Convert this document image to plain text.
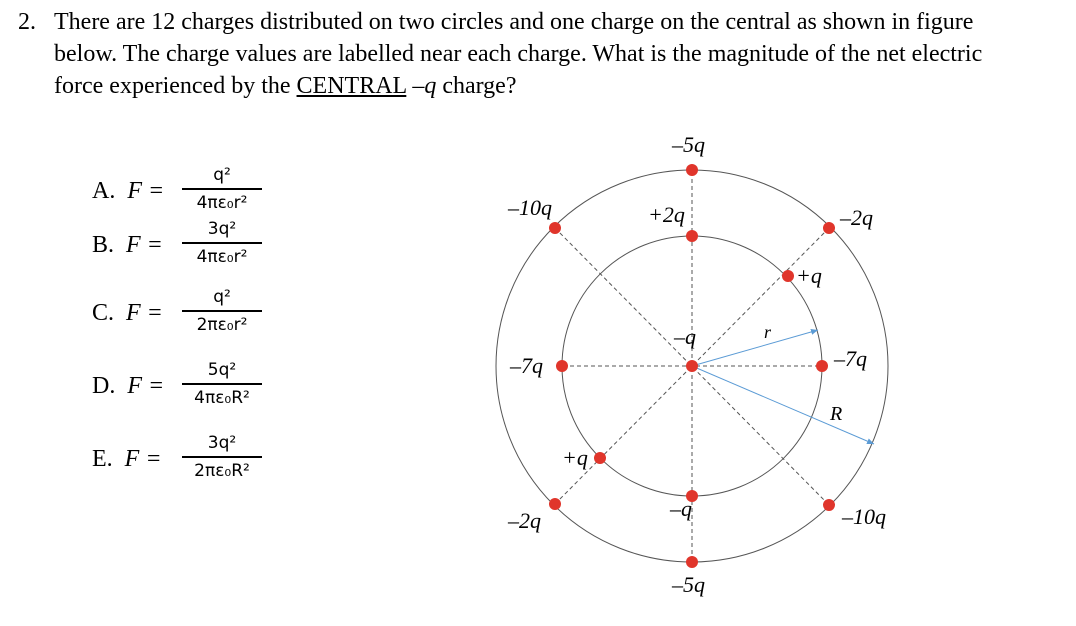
2. There are 12 charges distributed on two circles and one charge on the central as shown in figure below. The charge values are labelled near each charge. What is the magnitude of the net electric force experienced by the CENTRAL –q charge?
A. F =
q²
4πε₀r²
B. F =
3q²
4πε₀r²
C. F =
q²
2πε₀r²
D. F =
5q²
4πε₀R²
E. F =
3q²
2πε₀R²
–q	r
R
+2q
+q
–7q
–q
+q
–7q
–5q
–2q
–10q
–5q
–2q	–10q
